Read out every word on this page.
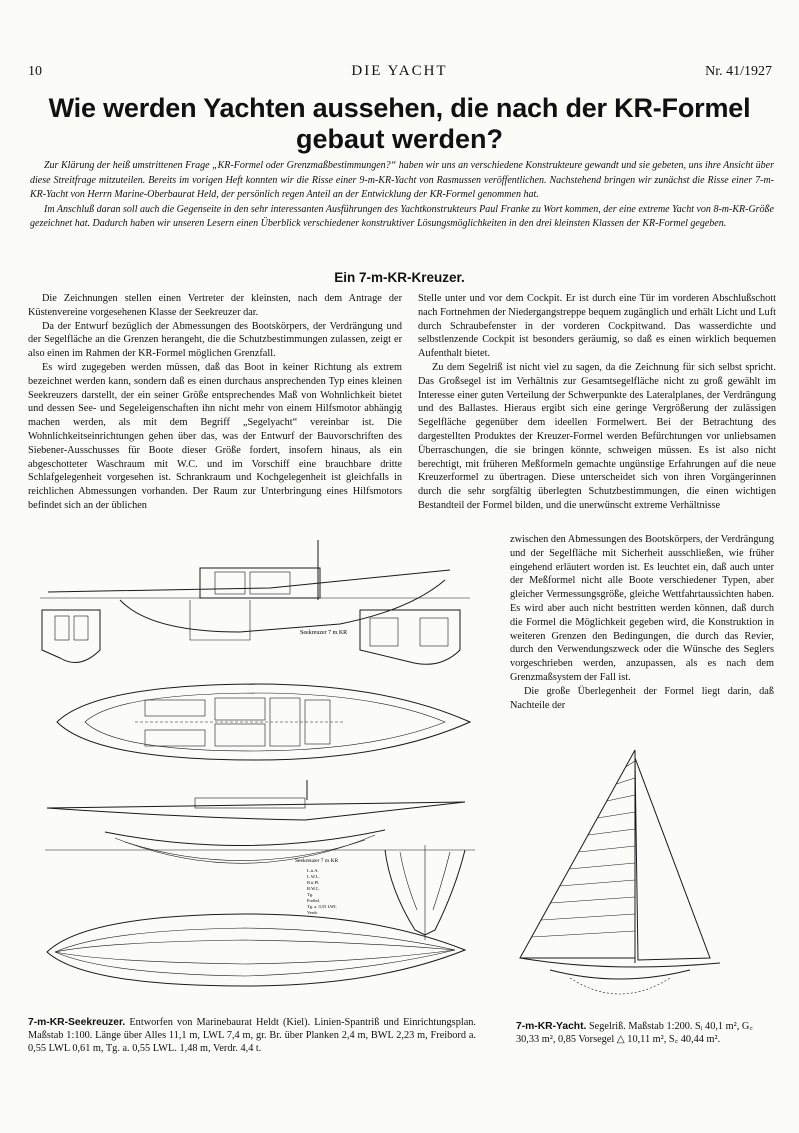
10	DIE YACHT	Nr. 41/1927
Wie werden Yachten aussehen, die nach der KR-Formel
gebaut werden?

Zur Klärung der heiß umstrittenen Frage „KR-Formel oder Grenzmaßbestimmungen?“ haben wir uns an verschiedene Konstrukteure gewandt und sie gebeten, uns ihre Ansicht über diese Streitfrage mitzuteilen. Bereits im vorigen Heft konnten wir die Risse einer 9-m-KR-Yacht von Rasmussen veröffentlichen. Nachstehend bringen wir zunächst die Risse einer 7-m-KR-Yacht von Herrn Marine-Oberbaurat Held, der persönlich regen Anteil an der Entwicklung der KR-Formel genommen hat.

Im Anschluß daran soll auch die Gegenseite in den sehr interessanten Ausführungen des Yachtkonstrukteurs Paul Franke zu Wort kommen, der eine extreme Yacht von 8-m-KR-Größe gezeichnet hat. Dadurch haben wir unseren Lesern einen Überblick verschiedener konstruktiver Lösungsmöglichkeiten in den drei kleinsten Klassen der KR-Formel gegeben.

Ein 7-m-KR-Kreuzer.

Die Zeichnungen stellen einen Vertreter der kleinsten, nach dem Antrage der Küstenvereine vorgesehenen Klasse der Seekreuzer dar.

Da der Entwurf bezüglich der Abmessungen des Bootskörpers, der Verdrängung und der Segelfläche an die Grenzen herangeht, die die Schutzbestimmungen zulassen, zeigt er also einen im Rahmen der KR-Formel möglichen Grenzfall.

Es wird zugegeben werden müssen, daß das Boot in keiner Richtung als extrem bezeichnet werden kann, sondern daß es einen durchaus ansprechenden Typ eines kleinen Seekreuzers darstellt, der ein seiner Größe entsprechendes Maß von Wohnlichkeit bietet und dessen See- und Segeleigenschaften ihn nicht mehr von einem Hilfsmotor abhängig machen werden, als mit dem Begriff „Segelyacht“ vereinbar ist. Die Wohnlichkeitseinrichtungen gehen über das, was der Entwurf der Bauvorschriften des Siebener-Ausschusses für Boote dieser Größe fordert, insofern hinaus, als ein abgeschotteter Waschraum mit W.C. und im Vorschiff eine brauchbare dritte Schlafgelegenheit vorgesehen ist. Schrankraum und Kochgelegenheit ist gleichfalls in reichlichen Abmessungen vorhanden. Der Raum zur Unterbringung eines Hilfsmotors befindet sich an der üblichen

Stelle unter und vor dem Cockpit. Er ist durch eine Tür im vorderen Abschlußschott nach Fortnehmen der Niedergangstreppe bequem zugänglich und erhält Licht und Luft durch Schraubefenster in der vorderen Cockpitwand. Das wasserdichte und selbstlenzende Cockpit ist besonders geräumig, so daß es einen wirklich bequemen Aufenthalt bietet.

Zu dem Segelriß ist nicht viel zu sagen, da die Zeichnung für sich selbst spricht. Das Großsegel ist im Verhältnis zur Gesamtsegelfläche nicht zu groß gewählt im Interesse einer guten Verteilung der Schwerpunkte des Lateralplanes, der Verdrängung und des Ballastes. Hieraus ergibt sich eine geringe Vergrößerung der zulässigen Segelfläche gegenüber dem ideellen Formelwert. Bei der Betrachtung des dargestellten Produktes der Kreuzer-Formel werden Befürchtungen vor unliebsamen Überraschungen, die sie bringen könnte, schweigen müssen. Es ist also nicht berechtigt, mit früheren Meßformeln gemachte ungünstige Erfahrungen auf die neue Kreuzerformel zu übertragen. Diese unterscheidet sich von ihren Vorgängerinnen durch die sehr sorgfältig überlegten Schutzbestimmungen, die einen wichtigen Bestandteil der Formel bilden, und die unerwünscht extreme Verhältnisse

zwischen den Abmessungen des Bootskörpers, der Verdrängung und der Segelfläche mit Sicherheit ausschließen, wie früher eingehend erläutert worden ist. Es leuchtet ein, daß auch unter der Meßformel nicht alle Boote verschiedener Typen, aber gleicher Vermessungsgröße, gleiche Wettfahrtaussichten haben. Es wird aber auch nicht bestritten werden können, daß durch die Formel die Möglichkeit gegeben wird, die Konstruktion in weiteren Grenzen den Bedingungen, die durch das Revier, durch den Verwendungszweck oder die Wünsche des Seglers vorgeschrieben werden, anzupassen, als es nach dem Grenzmaßsystem der Fall ist.

Die große Überlegenheit der Formel liegt darin, daß Nachteile der

Seekreuzer 7 m KR
Seekreuzer 7 m KR
L.ü.A.
L.W.L.
B.ü.Pl.
B.W.L.
Tg.
Freibd.
Tg. a. 0,55 LWL
Verdr.
7-m-KR-Seekreuzer. Entworfen von Marinebaurat Heldt (Kiel). Linien-Spantriß und Einrichtungsplan. Maßstab 1:100. Länge über Alles 11,1 m, LWL 7,4 m, gr. Br. über Planken 2,4 m, BWL 2,23 m, Freibord a. 0,55 LWL 0,61 m, Tg. a. 0,55 LWL. 1,48 m, Verdr. 4,4 t.
7-m-KR-Yacht. Segelriß. Maßstab 1:200. Sᵢ 40,1 m², G꜀ 30,33 m², 0,85 Vorsegel △ 10,11 m², S꜀ 40,44 m².
